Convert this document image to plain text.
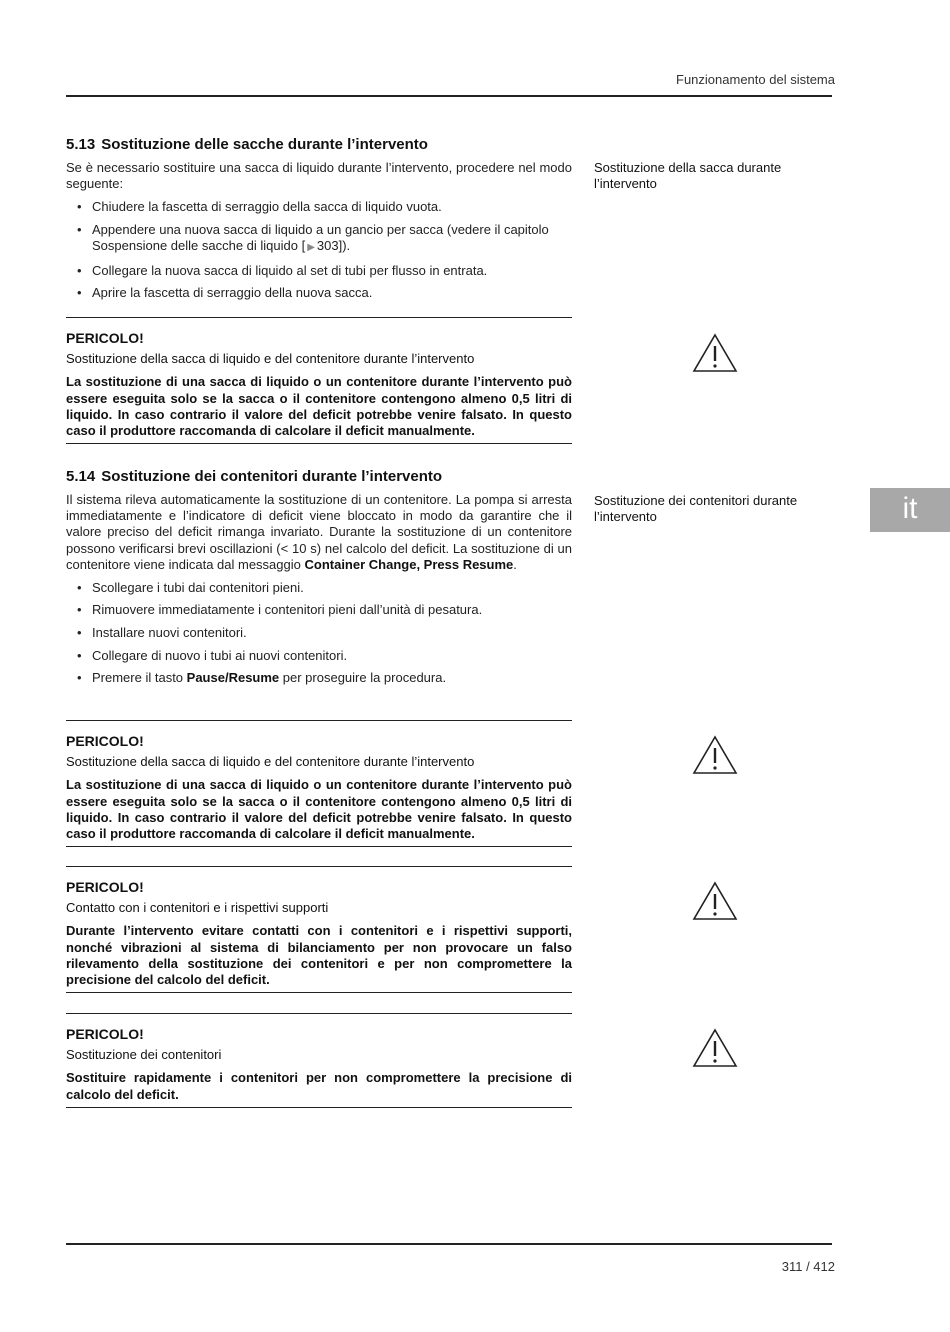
Funzionamento del sistema
it
5.13 Sostituzione delle sacche durante l’intervento

Se è necessario sostituire una sacca di liquido durante l’intervento, procedere nel modo seguente:

• Chiudere la fascetta di serraggio della sacca di liquido vuota.
• Appendere una nuova sacca di liquido a un gancio per sacca (vedere il capitolo Sospensione delle sacche di liquido [ ▶ 303]).
• Collegare la nuova sacca di liquido al set di tubi per flusso in entrata.
• Aprire la fascetta di serraggio della nuova sacca.
Sostituzione della sacca durante l’intervento
PERICOLO!
Sostituzione della sacca di liquido e del contenitore durante l’intervento
La sostituzione di una sacca di liquido o un contenitore durante l’intervento può essere eseguita solo se la sacca o il contenitore contengono almeno 0,5 litri di liquido. In caso contrario il valore del deficit potrebbe venire falsato. In questo caso il produttore raccomanda di calcolare il deficit manualmente.
5.14 Sostituzione dei contenitori durante l’intervento

Il sistema rileva automaticamente la sostituzione di un contenitore. La pompa si arresta immediatamente e l’indicatore di deficit viene bloccato in modo da garantire che il valore preciso del deficit rimanga invariato. Durante la sostituzione di un contenitore possono verificarsi brevi oscillazioni (< 10 s) nel calcolo del deficit. La sostituzione di un contenitore viene indicata dal messaggio Container Change, Press Resume.

• Scollegare i tubi dai contenitori pieni.
• Rimuovere immediatamente i contenitori pieni dall’unità di pesatura.
• Installare nuovi contenitori.
• Collegare di nuovo i tubi ai nuovi contenitori.
• Premere il tasto Pause/Resume per proseguire la procedura.
Sostituzione dei contenitori durante l’intervento
PERICOLO!
Sostituzione della sacca di liquido e del contenitore durante l’intervento
La sostituzione di una sacca di liquido o un contenitore durante l’intervento può essere eseguita solo se la sacca o il contenitore contengono almeno 0,5 litri di liquido. In caso contrario il valore del deficit potrebbe venire falsato. In questo caso il produttore raccomanda di calcolare il deficit manualmente.
PERICOLO!
Contatto con i contenitori e i rispettivi supporti
Durante l’intervento evitare contatti con i contenitori e i rispettivi supporti, nonché vibrazioni al sistema di bilanciamento per non provocare un falso rilevamento della sostituzione dei contenitori e per non compromettere la precisione del calcolo del deficit.
PERICOLO!
Sostituzione dei contenitori
Sostituire rapidamente i contenitori per non compromettere la precisione di calcolo del deficit.
311 / 412
